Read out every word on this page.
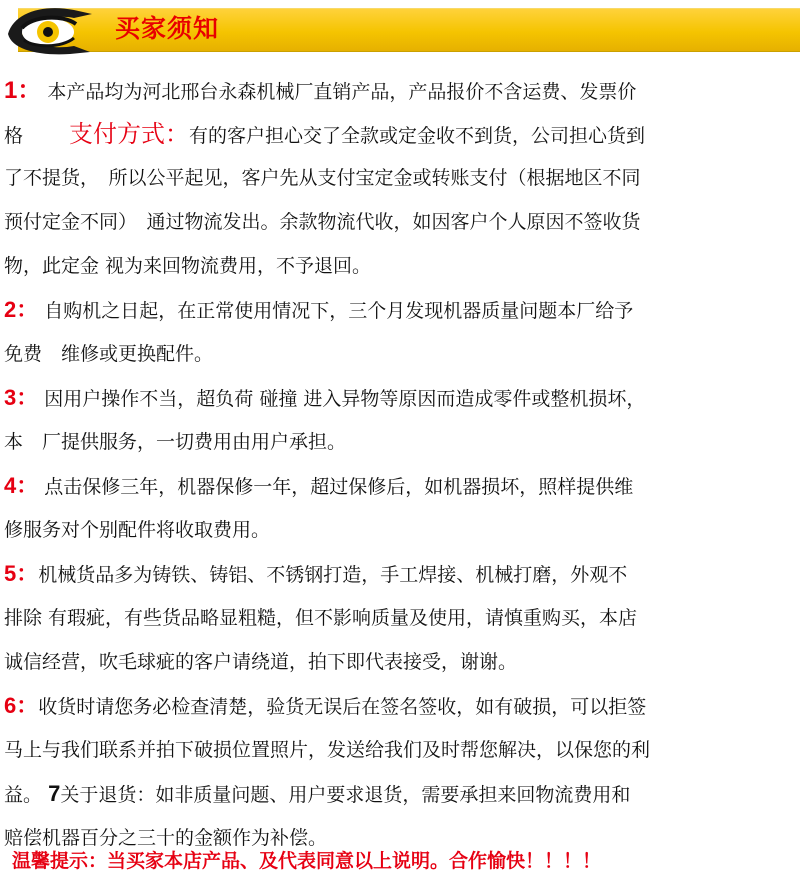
买家须知
1： 本产品均为河北邢台永森机械厂直销产品，产品报价不含运费、发票价
格 支付方式：有的客户担心交了全款或定金收不到货，公司担心货到
了不提货，　所以公平起见，客户先从支付宝定金或转账支付（根据地区不同
预付定金不同）　通过物流发出。余款物流代收，如因客户个人原因不签收货
物，此定金 视为来回物流费用，不予退回。
2： 自购机之日起，在正常使用情况下，三个月发现机器质量问题本厂给予
免费　维修或更换配件。
3： 因用户操作不当，超负荷 碰撞 进入异物等原因而造成零件或整机损坏，
本　厂提供服务，一切费用由用户承担。
4： 点击保修三年，机器保修一年，超过保修后，如机器损坏，照样提供维
修服务对个别配件将收取费用。
5：机械货品多为铸铁、铸铝、不锈钢打造，手工焊接、机械打磨，外观不
排除 有瑕疵，有些货品略显粗糙，但不影响质量及使用，请慎重购买，本店
诚信经营，吹毛球疵的客户请绕道，拍下即代表接受，谢谢。
6：收货时请您务必检查清楚，验货无误后在签名签收，如有破损，可以拒签
马上与我们联系并拍下破损位置照片，发送给我们及时帮您解决，以保您的利
益。 7关于退货：如非质量问题、用户要求退货，需要承担来回物流费用和
赔偿机器百分之三十的金额作为补偿。
温馨提示：当买家本店产品、及代表同意以上说明。合作愉快！！！！
